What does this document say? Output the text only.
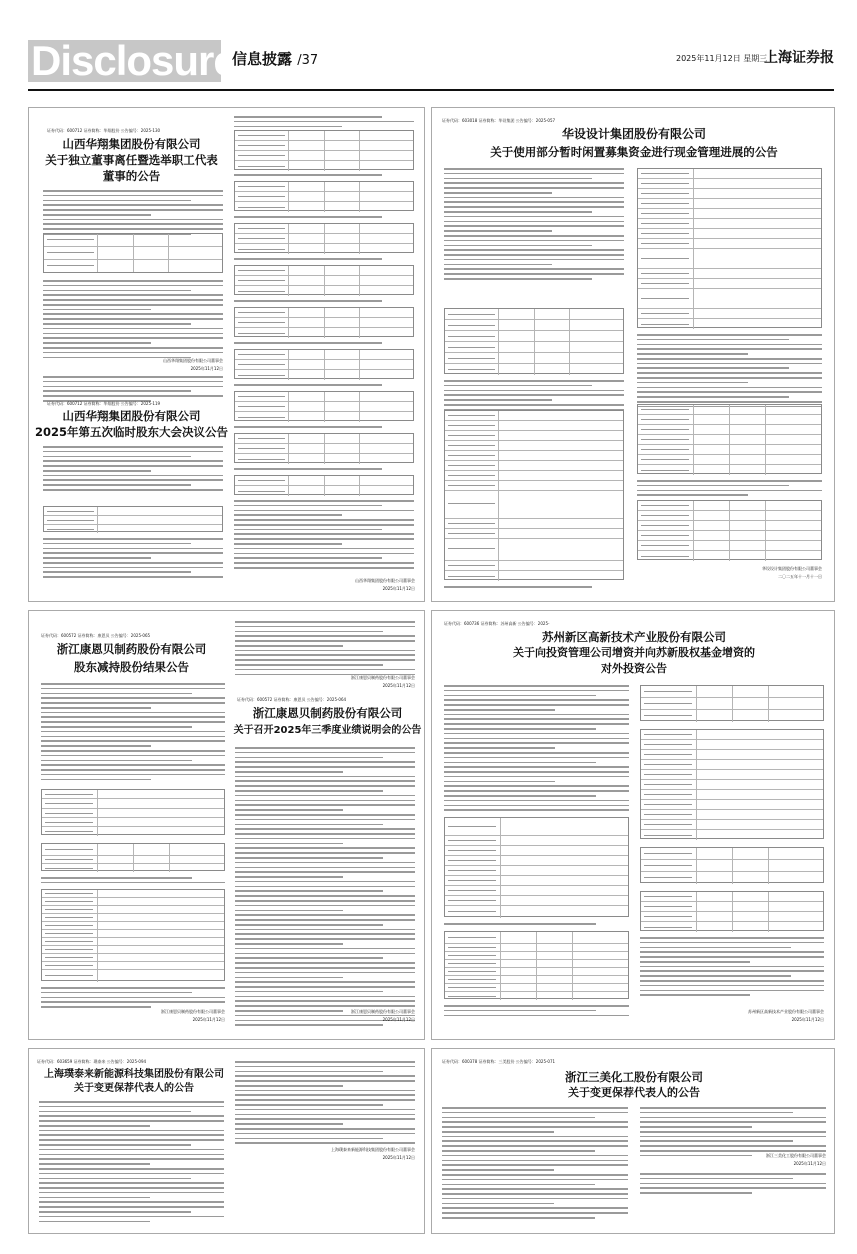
Disclosure
信息披露 /37	2025年11月12日 星期三
上海证券报
证券代码：600712 证券简称：华翔股份 公告编号：2025-130
山西华翔集团股份有限公司
关于独立董事离任暨选举职工代表
董事的公告
山西华翔集团股份有限公司董事会
2025年11月12日
证券代码：600712 证券简称：华翔股份 公告编号：2025-119
山西华翔集团股份有限公司
2025年第五次临时股东大会决议公告
山西华翔集团股份有限公司董事会
2025年11月12日
证券代码：603018 证券简称：华设集团 公告编号：2025-057
华设设计集团股份有限公司
关于使用部分暂时闲置募集资金进行现金管理进展的公告
华设设计集团股份有限公司董事会
二〇二五年十一月十一日
证券代码：600572 证券简称：康恩贝 公告编号：2025-065
浙江康恩贝制药股份有限公司
股东减持股份结果公告
浙江康恩贝制药股份有限公司董事会
2025年11月12日
浙江康恩贝制药股份有限公司董事会
2025年11月12日
证券代码：600572 证券简称：康恩贝 公告编号：2025-064
浙江康恩贝制药股份有限公司
关于召开2025年三季度业绩说明会的公告
浙江康恩贝制药股份有限公司董事会
2025年11月12日
证券代码：600736 证券简称：苏州高新 公告编号：2025-
苏州新区高新技术产业股份有限公司
关于向投资管理公司增资并向苏新股权基金增资的
对外投资公告
苏州新区高新技术产业股份有限公司董事会
2025年11月12日
证券代码：603659 证券简称：璞泰来 公告编号：2025-094
上海璞泰来新能源科技集团股份有限公司
关于变更保荐代表人的公告
上海璞泰来新能源科技集团股份有限公司董事会
2025年11月12日
证券代码：600378 证券简称：三美股份 公告编号：2025-071
浙江三美化工股份有限公司
关于变更保荐代表人的公告
浙江三美化工股份有限公司董事会
2025年11月12日
